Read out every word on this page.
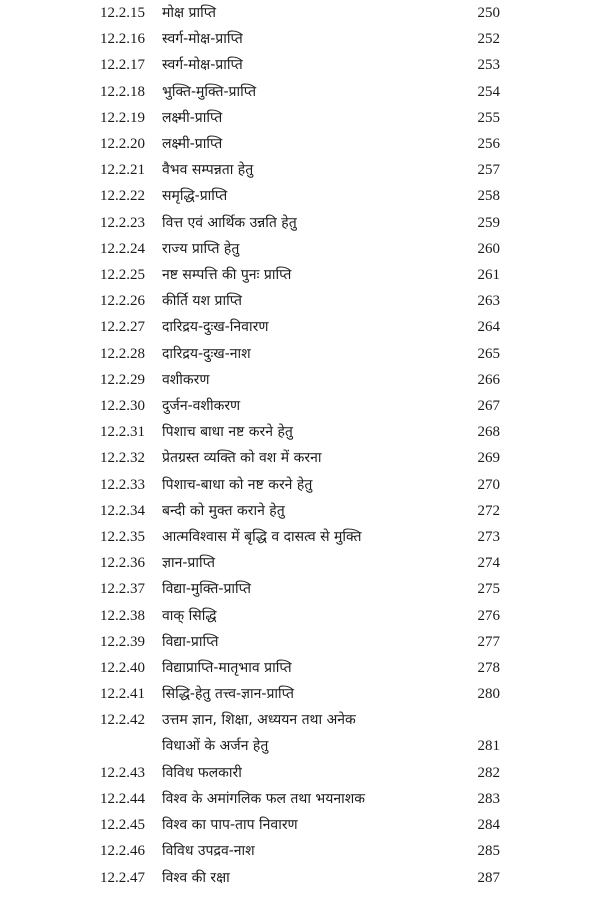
12.2.15	मोक्ष प्राप्ति	250
12.2.16	स्वर्ग-मोक्ष-प्राप्ति	252
12.2.17	स्वर्ग-मोक्ष-प्राप्ति	253
12.2.18	भुक्ति-मुक्ति-प्राप्ति	254
12.2.19	लक्ष्मी-प्राप्ति	255
12.2.20	लक्ष्मी-प्राप्ति	256
12.2.21	वैभव सम्पन्नता हेतु	257
12.2.22	समृद्धि-प्राप्ति	258
12.2.23	वित्त एवं आर्थिक उन्नति हेतु	259
12.2.24	राज्य प्राप्ति हेतु	260
12.2.25	नष्ट सम्पत्ति की पुनः प्राप्ति	261
12.2.26	कीर्ति यश प्राप्ति	263
12.2.27	दारिद्रय-दुःख-निवारण	264
12.2.28	दारिद्रय-दुःख-नाश	265
12.2.29	वशीकरण	266
12.2.30	दुर्जन-वशीकरण	267
12.2.31	पिशाच बाधा नष्ट करने हेतु	268
12.2.32	प्रेतग्रस्त व्यक्ति को वश में करना	269
12.2.33	पिशाच-बाधा को नष्ट करने हेतु	270
12.2.34	बन्दी को मुक्त कराने हेतु	272
12.2.35	आत्मविश्वास में बृद्धि व दासत्व से मुक्ति	273
12.2.36	ज्ञान-प्राप्ति	274
12.2.37	विद्या-मुक्ति-प्राप्ति	275
12.2.38	वाक् सिद्धि	276
12.2.39	विद्या-प्राप्ति	277
12.2.40	विद्याप्राप्ति-मातृभाव प्राप्ति	278
12.2.41	सिद्धि-हेतु तत्त्व-ज्ञान-प्राप्ति	280
12.2.42	उत्तम ज्ञान, शिक्षा, अध्ययन तथा अनेक
विधाओं के अर्जन हेतु	281
12.2.43	विविध फलकारी	282
12.2.44	विश्व के अमांगलिक फल तथा भयनाशक	283
12.2.45	विश्व का पाप-ताप निवारण	284
12.2.46	विविध उपद्रव-नाश	285
12.2.47	विश्व की रक्षा	287
